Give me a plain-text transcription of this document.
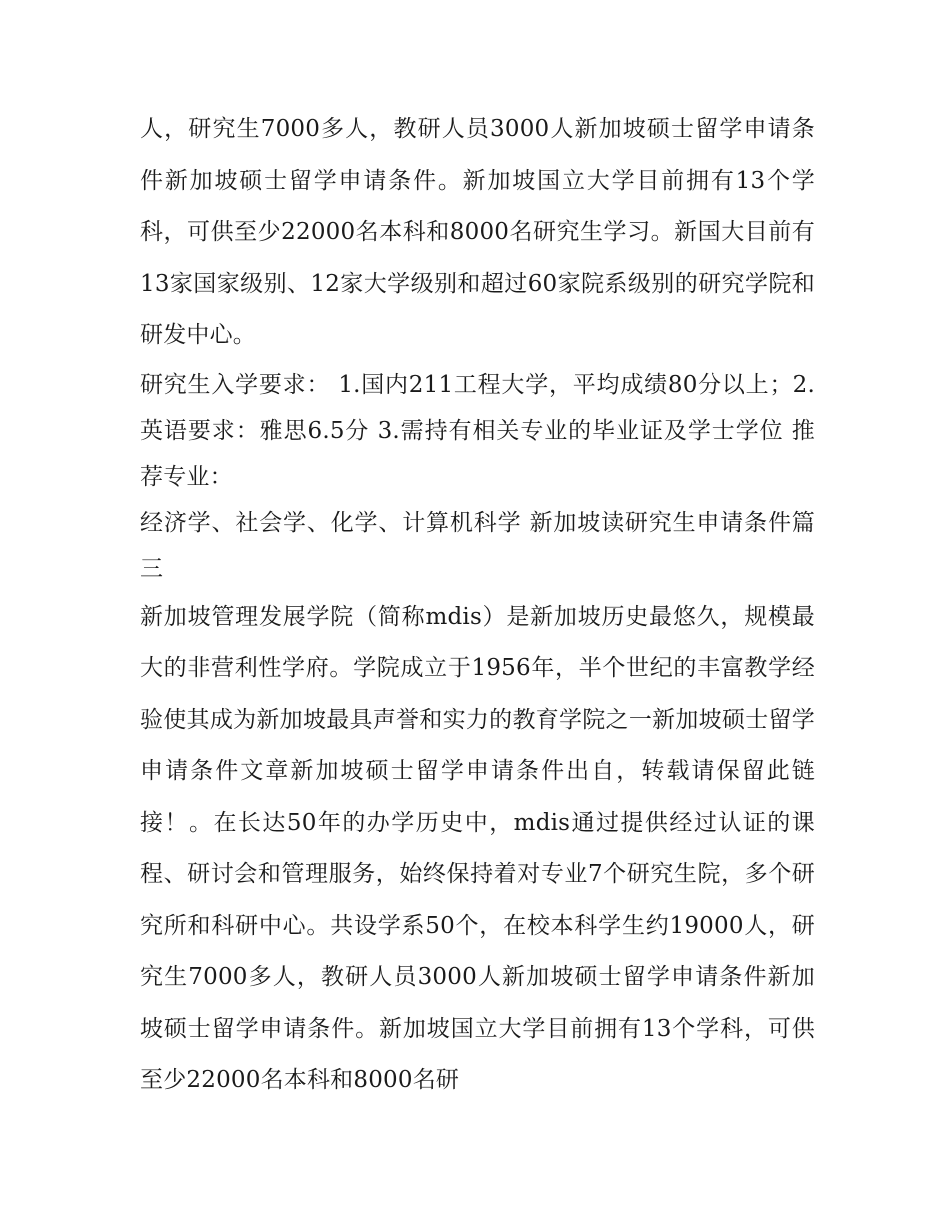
人，研究生7000多人，教研人员3000人新加坡硕士留学申请条件新加坡硕士留学申请条件。新加坡国立大学目前拥有13个学科，可供至少22000名本科和8000名研究生学习。新国大目前有13家国家级别、12家大学级别和超过60家院系级别的研究学院和研发中心。

研究生入学要求： 1.国内211工程大学，平均成绩80分以上；2.英语要求：雅思6.5分 3.需持有相关专业的毕业证及学士学位 推荐专业：

经济学、社会学、化学、计算机科学 新加坡读研究生申请条件篇三

新加坡管理发展学院（简称mdis）是新加坡历史最悠久，规模最大的非营利性学府。学院成立于1956年，半个世纪的丰富教学经验使其成为新加坡最具声誉和实力的教育学院之一新加坡硕士留学申请条件文章新加坡硕士留学申请条件出自，转载请保留此链接！。在长达50年的办学历史中，mdis通过提供经过认证的课程、研讨会和管理服务，始终保持着对专业7个研究生院，多个研究所和科研中心。共设学系50个，在校本科学生约19000人，研究生7000多人，教研人员3000人新加坡硕士留学申请条件新加坡硕士留学申请条件。新加坡国立大学目前拥有13个学科，可供至少22000名本科和8000名研
